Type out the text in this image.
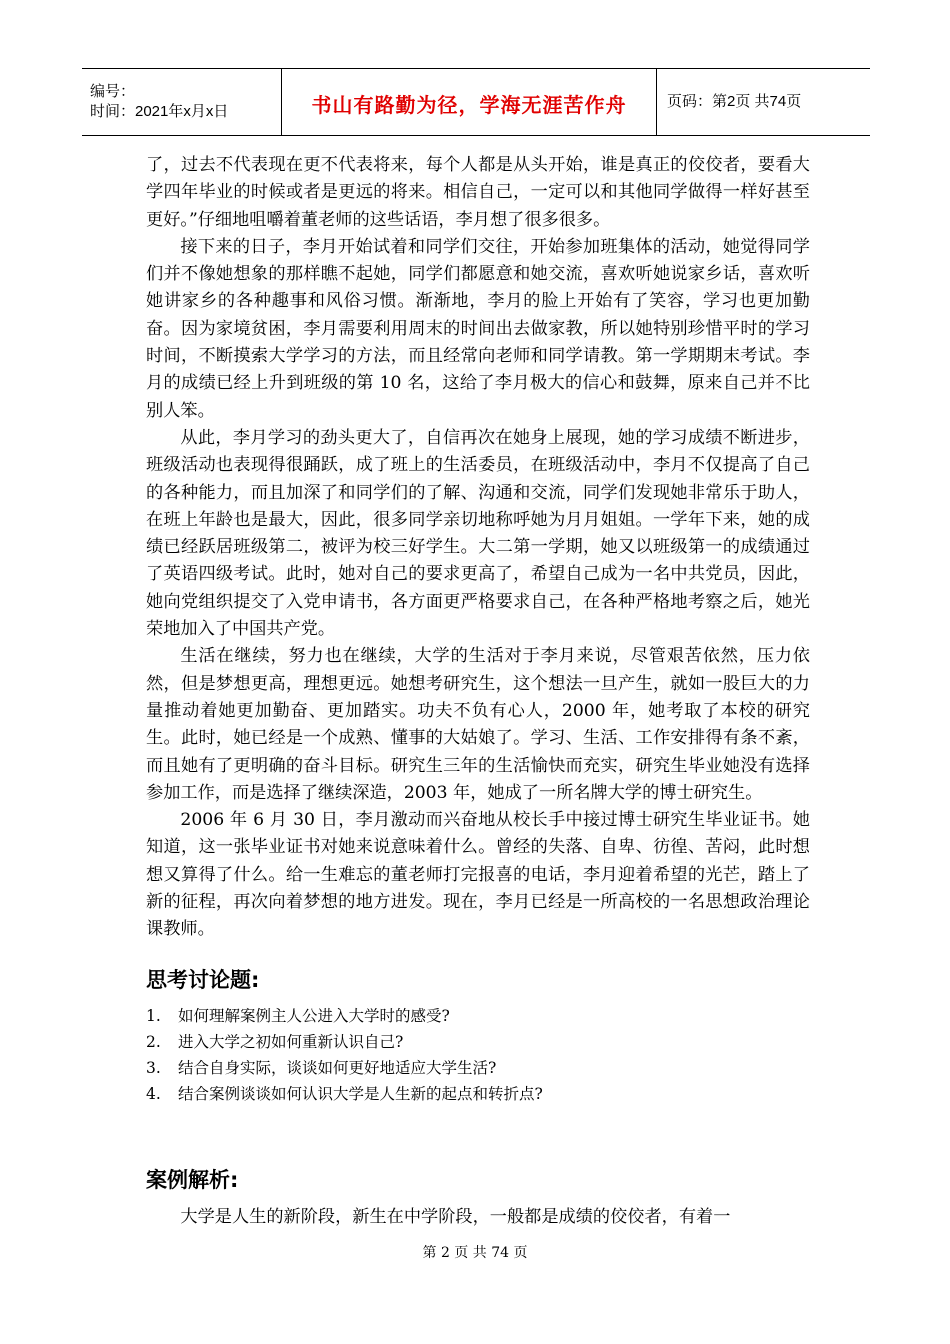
编号：
时间：2021年x月x日	书山有路勤为径，学海无涯苦作舟	页码：第2页 共74页

了，过去不代表现在更不代表将来，每个人都是从头开始，谁是真正的佼佼者，要看大学四年毕业的时候或者是更远的将来。相信自己，一定可以和其他同学做得一样好甚至更好。”仔细地咀嚼着董老师的这些话语，李月想了很多很多。

接下来的日子，李月开始试着和同学们交往，开始参加班集体的活动，她觉得同学们并不像她想象的那样瞧不起她，同学们都愿意和她交流，喜欢听她说家乡话，喜欢听她讲家乡的各种趣事和风俗习惯。渐渐地，李月的脸上开始有了笑容，学习也更加勤奋。因为家境贫困，李月需要利用周末的时间出去做家教，所以她特别珍惜平时的学习时间，不断摸索大学学习的方法，而且经常向老师和同学请教。第一学期期末考试。李月的成绩已经上升到班级的第 10 名，这给了李月极大的信心和鼓舞，原来自己并不比别人笨。

从此，李月学习的劲头更大了，自信再次在她身上展现，她的学习成绩不断进步，班级活动也表现得很踊跃，成了班上的生活委员，在班级活动中，李月不仅提高了自己的各种能力，而且加深了和同学们的了解、沟通和交流，同学们发现她非常乐于助人，在班上年龄也是最大，因此，很多同学亲切地称呼她为月月姐姐。一学年下来，她的成绩已经跃居班级第二，被评为校三好学生。大二第一学期，她又以班级第一的成绩通过了英语四级考试。此时，她对自己的要求更高了，希望自己成为一名中共党员，因此，她向党组织提交了入党申请书，各方面更严格要求自己，在各种严格地考察之后，她光荣地加入了中国共产党。

生活在继续，努力也在继续，大学的生活对于李月来说，尽管艰苦依然，压力依然，但是梦想更高，理想更远。她想考研究生，这个想法一旦产生，就如一股巨大的力量推动着她更加勤奋、更加踏实。功夫不负有心人，2000 年，她考取了本校的研究生。此时，她已经是一个成熟、懂事的大姑娘了。学习、生活、工作安排得有条不紊，而且她有了更明确的奋斗目标。研究生三年的生活愉快而充实，研究生毕业她没有选择参加工作，而是选择了继续深造，2003 年，她成了一所名牌大学的博士研究生。

2006 年 6 月 30 日，李月激动而兴奋地从校长手中接过博士研究生毕业证书。她知道，这一张毕业证书对她来说意味着什么。曾经的失落、自卑、彷徨、苦闷，此时想想又算得了什么。给一生难忘的董老师打完报喜的电话，李月迎着希望的光芒，踏上了新的征程，再次向着梦想的地方进发。现在，李月已经是一所高校的一名思想政治理论课教师。

思考讨论题:
1.	如何理解案例主人公进入大学时的感受?
2.	进入大学之初如何重新认识自己?
3.	结合自身实际，谈谈如何更好地适应大学生活?
4.	结合案例谈谈如何认识大学是人生新的起点和转折点?
案例解析:

大学是人生的新阶段，新生在中学阶段，一般都是成绩的佼佼者，有着一

第 2 页 共 74 页
